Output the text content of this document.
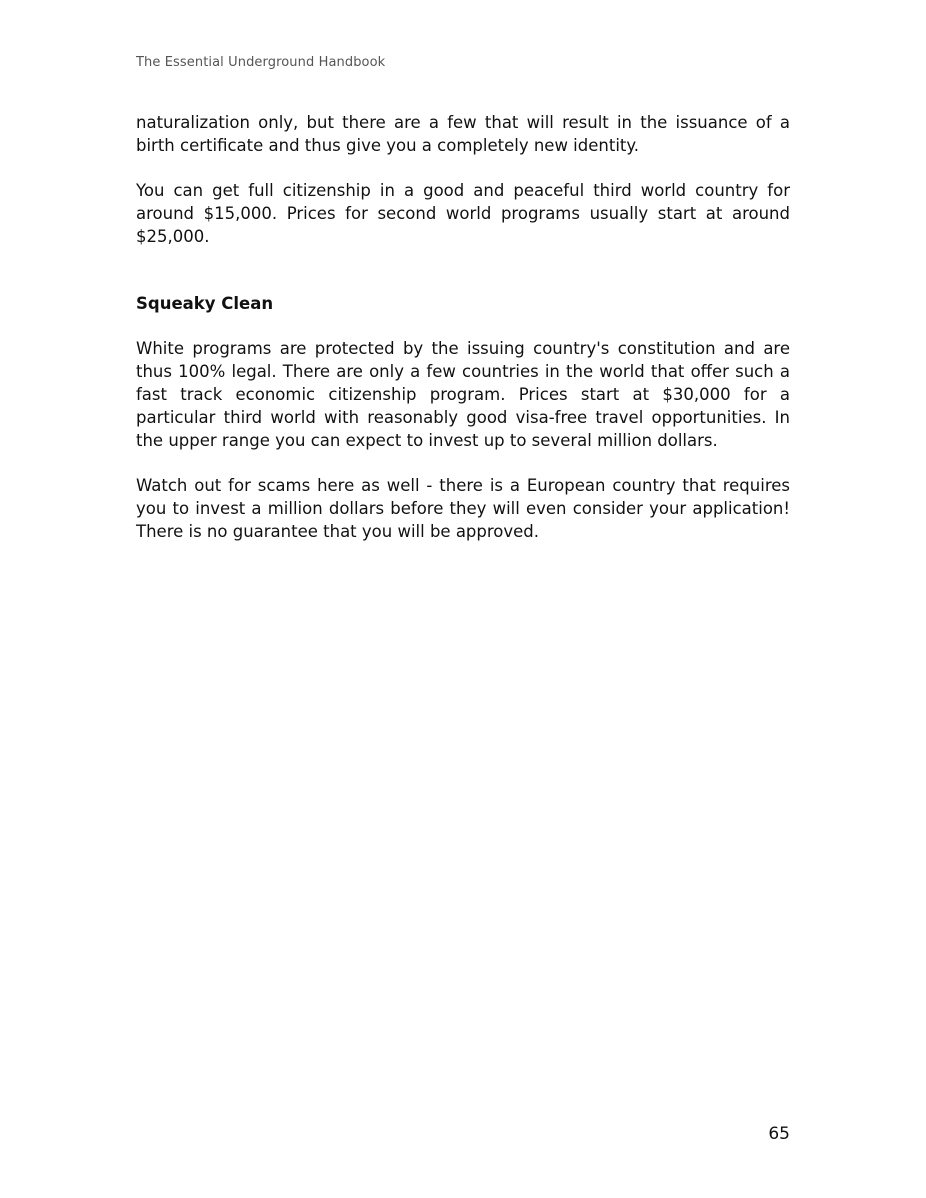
The Essential Underground Handbook

naturalization only, but there are a few that will result in the issuance of a birth certificate and thus give you a completely new identity.

You can get full citizenship in a good and peaceful third world country for around $15,000. Prices for second world programs usually start at around $25,000.

Squeaky Clean

White programs are protected by the issuing country's constitution and are thus 100% legal. There are only a few countries in the world that offer such a fast track economic citizenship program. Prices start at $30,000 for a particular third world with reasonably good visa-free travel opportunities. In the upper range you can expect to invest up to several million dollars.

Watch out for scams here as well - there is a European country that requires you to invest a million dollars before they will even consider your application! There is no guarantee that you will be approved.

65
